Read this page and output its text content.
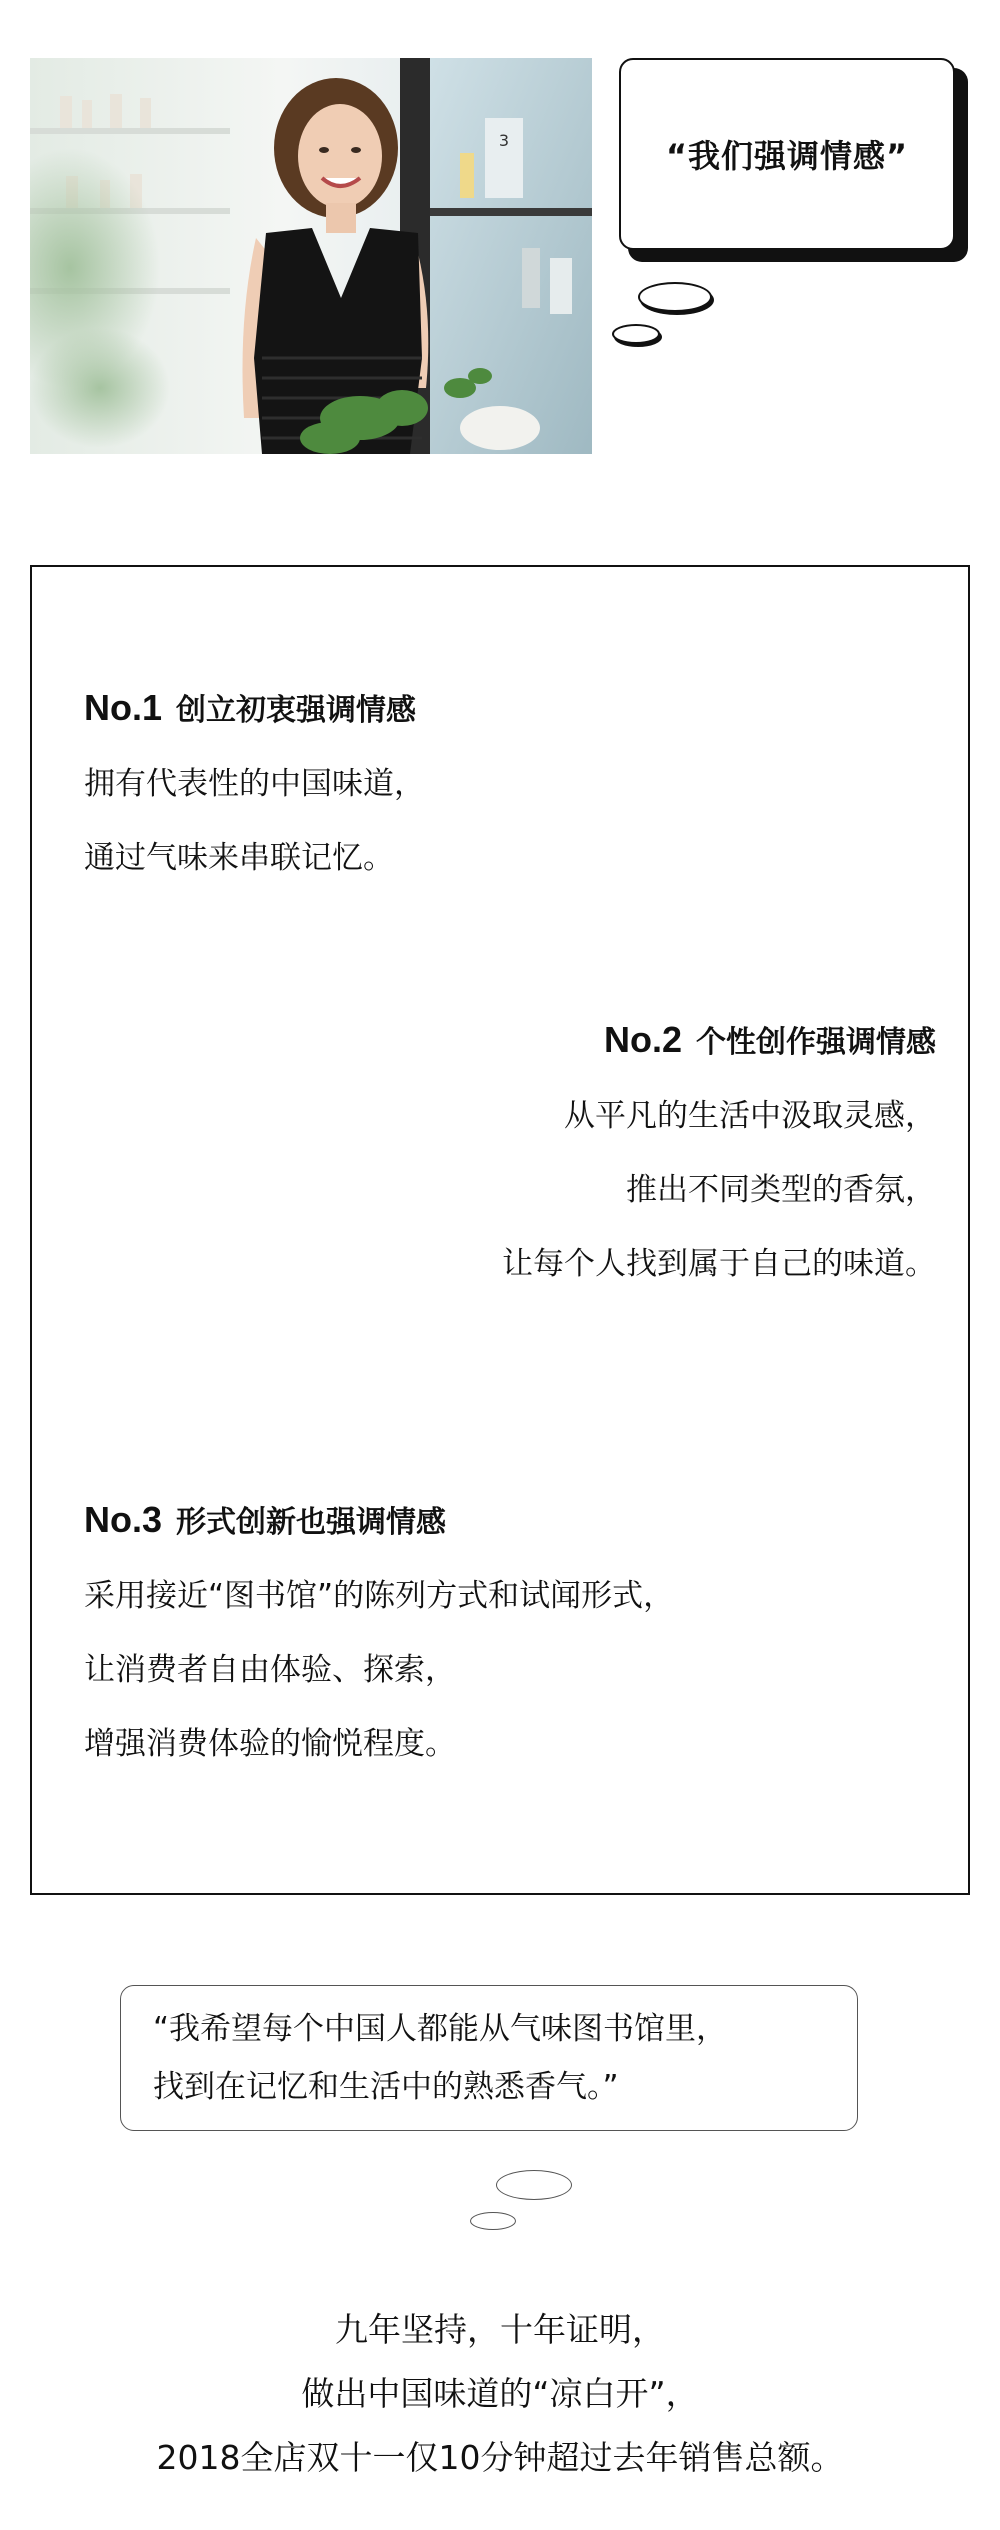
3	“我们强调情感”
No.1 创立初衷强调情感
拥有代表性的中国味道，
通过气味来串联记忆。
No.2 个性创作强调情感
从平凡的生活中汲取灵感，
推出不同类型的香氛，
让每个人找到属于自己的味道。
No.3 形式创新也强调情感
采用接近“图书馆”的陈列方式和试闻形式，
让消费者自由体验、探索，
增强消费体验的愉悦程度。
“我希望每个中国人都能从气味图书馆里，
找到在记忆和生活中的熟悉香气。”
九年坚持，十年证明，
做出中国味道的“凉白开”，
2018全店双十一仅10分钟超过去年销售总额。
